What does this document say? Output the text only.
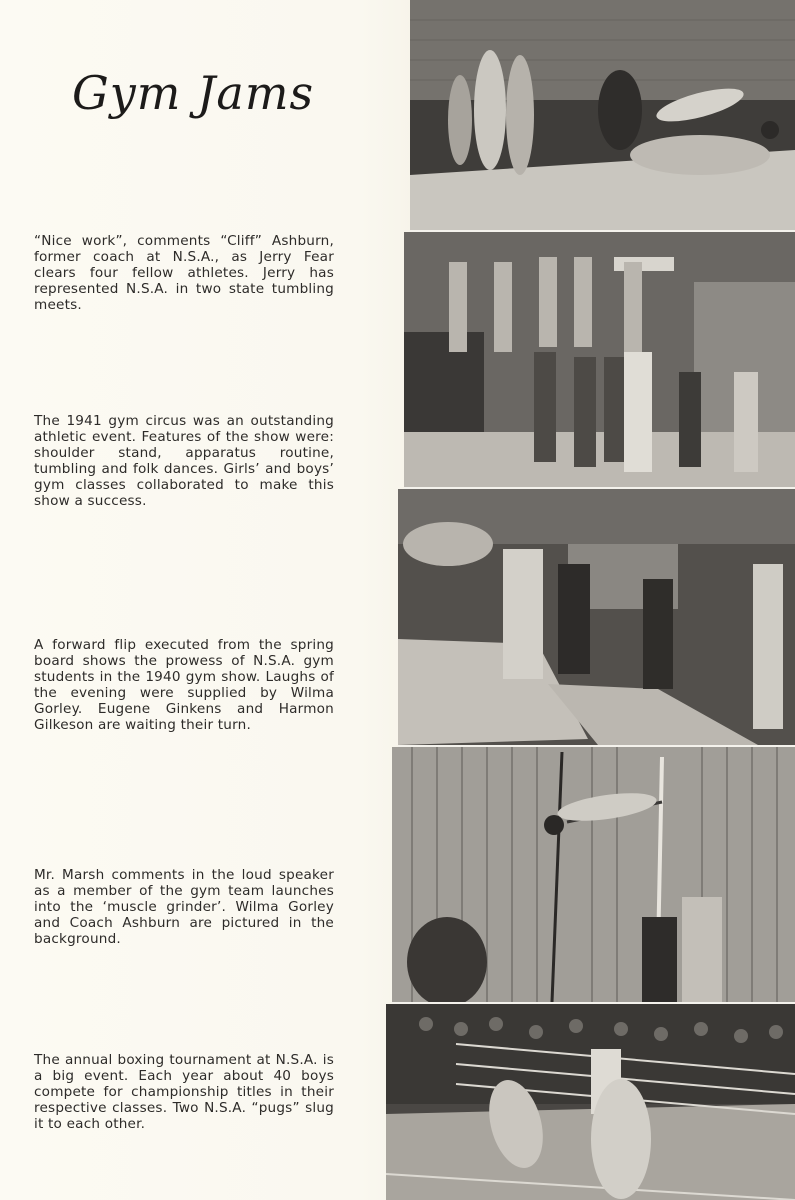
Gym Jams

“Nice work”, comments “Cliff” Ashburn, former coach at N.S.A., as Jerry Fear clears four fellow athletes. Jerry has represented N.S.A. in two state tumbling meets.

The 1941 gym circus was an outstanding athletic event. Features of the show were: shoulder stand, apparatus routine, tumbling and folk dances. Girls’ and boys’ gym classes collaborated to make this show a success.

A forward flip executed from the spring board shows the prowess of N.S.A. gym students in the 1940 gym show. Laughs of the evening were supplied by Wilma Gorley. Eugene Ginkens and Harmon Gilkeson are waiting their turn.

Mr. Marsh comments in the loud speaker as a member of the gym team launches into the ‘muscle grinder’. Wilma Gorley and Coach Ashburn are pictured in the background.

The annual boxing tournament at N.S.A. is a big event. Each year about 40 boys compete for championship titles in their respective classes. Two N.S.A. “pugs” slug it to each other.
